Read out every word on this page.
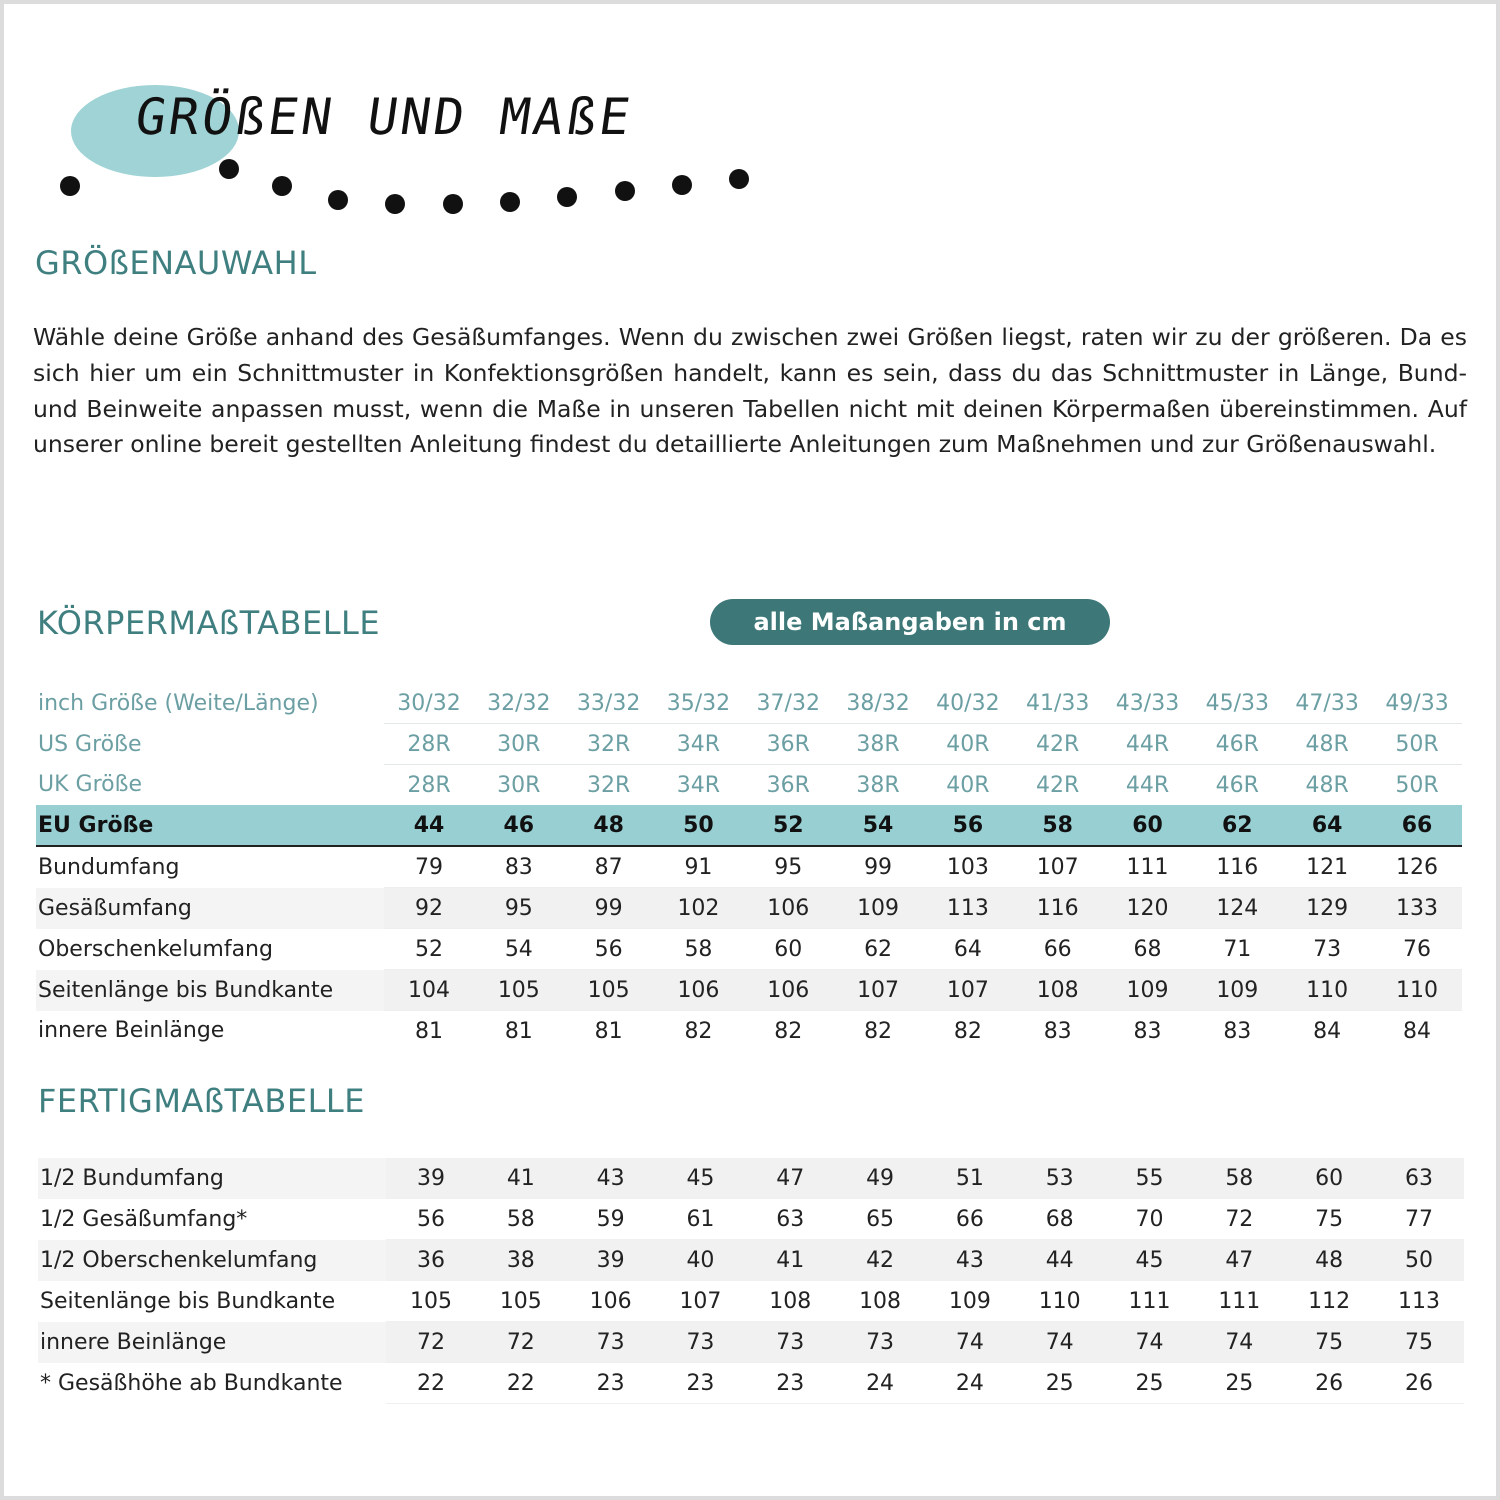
GRÖßEN UND MAßE
GRÖßENAUWAHL

Wähle deine Größe anhand des Gesäßumfanges. Wenn du zwischen zwei Größen liegst, raten wir zu der größeren. Da es sich hier um ein Schnittmuster in Konfektionsgrößen handelt, kann es sein, dass du das Schnittmuster in Länge, Bund- und Beinweite anpassen musst, wenn die Maße in unseren Tabellen nicht mit deinen Körpermaßen übereinstimmen. Auf unserer online bereit gestellten Anleitung findest du detaillierte Anleitungen zum Maßnehmen und zur Größenauswahl.

KÖRPERMAßTABELLE	alle Maßangaben in cm
inch Größe (Weite/Länge)	30/32	32/32	33/32	35/32	37/32	38/32	40/32	41/33	43/33	45/33	47/33	49/33
US Größe	28R	30R	32R	34R	36R	38R	40R	42R	44R	46R	48R	50R
UK Größe	28R	30R	32R	34R	36R	38R	40R	42R	44R	46R	48R	50R
EU Größe	44	46	48	50	52	54	56	58	60	62	64	66
Bundumfang	79	83	87	91	95	99	103	107	111	116	121	126
Gesäßumfang	92	95	99	102	106	109	113	116	120	124	129	133
Oberschenkelumfang	52	54	56	58	60	62	64	66	68	71	73	76
Seitenlänge bis Bundkante	104	105	105	106	106	107	107	108	109	109	110	110
innere Beinlänge	81	81	81	82	82	82	82	83	83	83	84	84
FERTIGMAßTABELLE
1/2 Bundumfang	39	41	43	45	47	49	51	53	55	58	60	63
1/2 Gesäßumfang*	56	58	59	61	63	65	66	68	70	72	75	77
1/2 Oberschenkelumfang	36	38	39	40	41	42	43	44	45	47	48	50
Seitenlänge bis Bundkante	105	105	106	107	108	108	109	110	111	111	112	113
innere Beinlänge	72	72	73	73	73	73	74	74	74	74	75	75
* Gesäßhöhe ab Bundkante	22	22	23	23	23	24	24	25	25	25	26	26
